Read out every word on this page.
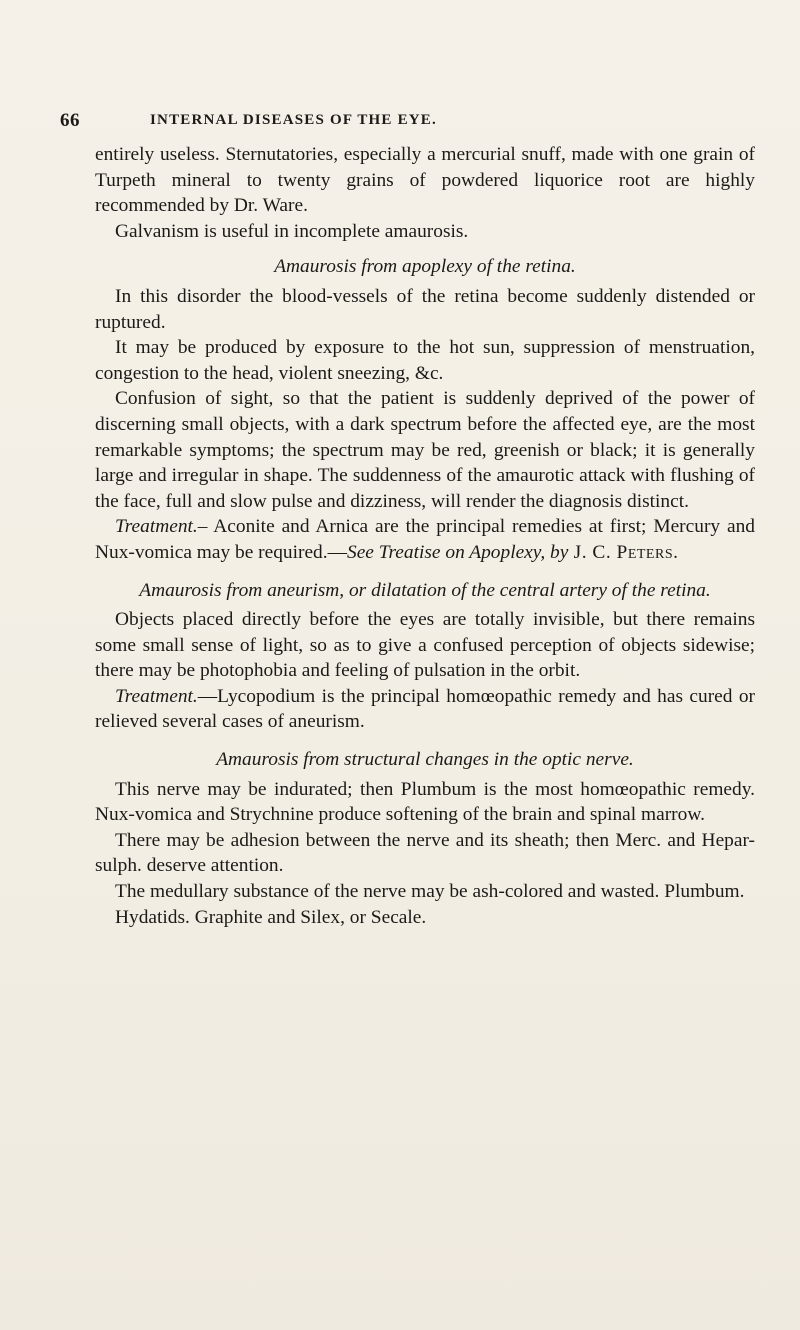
66	INTERNAL DISEASES OF THE EYE.

entirely useless. Sternutatories, especially a mercurial snuff, made with one grain of Turpeth mineral to twenty grains of powdered liquorice root are highly recommended by Dr. Ware.

Galvanism is useful in incomplete amaurosis.

Amaurosis from apoplexy of the retina.

In this disorder the blood-vessels of the retina become suddenly distended or ruptured.

It may be produced by exposure to the hot sun, suppression of menstruation, congestion to the head, violent sneezing, &c.

Confusion of sight, so that the patient is suddenly deprived of the power of discerning small objects, with a dark spectrum before the affected eye, are the most remarkable symptoms; the spectrum may be red, greenish or black; it is generally large and irregular in shape. The suddenness of the amaurotic attack with flushing of the face, full and slow pulse and dizziness, will render the diagnosis distinct.

Treatment.– Aconite and Arnica are the principal remedies at first; Mercury and Nux-vomica may be required.—See Treatise on Apoplexy, by J. C. Peters.

Amaurosis from aneurism, or dilatation of the central artery of the retina.

Objects placed directly before the eyes are totally invisible, but there remains some small sense of light, so as to give a confused perception of objects sidewise; there may be photophobia and feeling of pulsation in the orbit.

Treatment.—Lycopodium is the principal homœopathic remedy and has cured or relieved several cases of aneurism.

Amaurosis from structural changes in the optic nerve.

This nerve may be indurated; then Plumbum is the most homœopathic remedy. Nux-vomica and Strychnine produce softening of the brain and spinal marrow.

There may be adhesion between the nerve and its sheath; then Merc. and Hepar-sulph. deserve attention.

The medullary substance of the nerve may be ash-colored and wasted. Plumbum.

Hydatids. Graphite and Silex, or Secale.
